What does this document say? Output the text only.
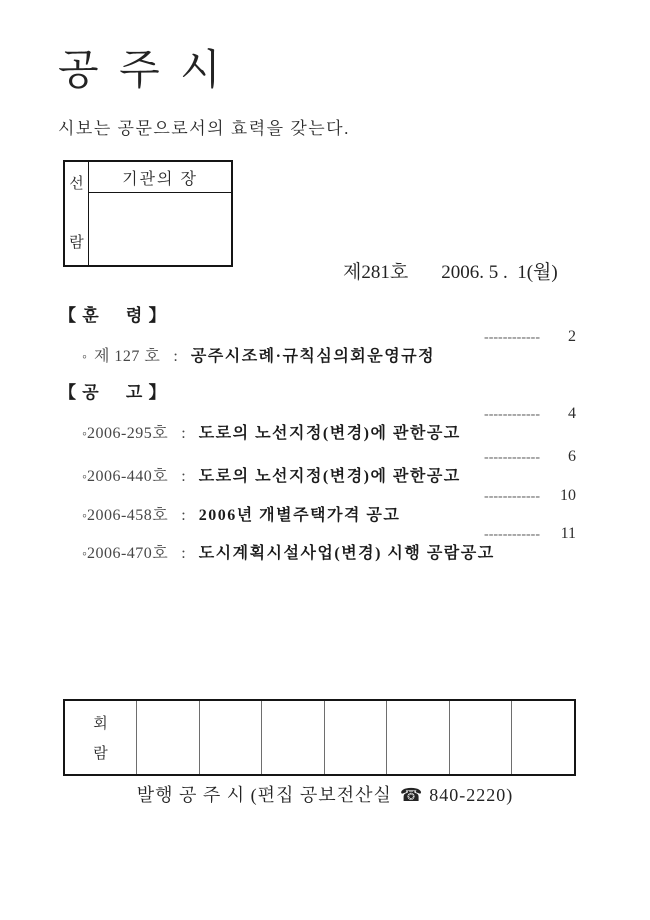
공 주 시
시보는 공문으로서의 효력을 갖는다.
선
람
기관의 장

제281호 2006. 5 .  1(월)

【 훈     령 】

◦ 제 127 호 : 공주시조례·규칙심의회운영규정

------------	2

【 공     고 】

◦2006-295호 : 도로의 노선지정(변경)에 관한공고

------------	4

◦2006-440호 : 도로의 노선지정(변경)에 관한공고

------------	6

◦2006-458호 : 2006년 개별주택가격 공고

------------	10

◦2006-470호 : 도시계획시설사업(변경) 시행 공람공고

------------	11

회
람
발행 공 주 시 (편집 공보전산실 ☎ 840-2220)
